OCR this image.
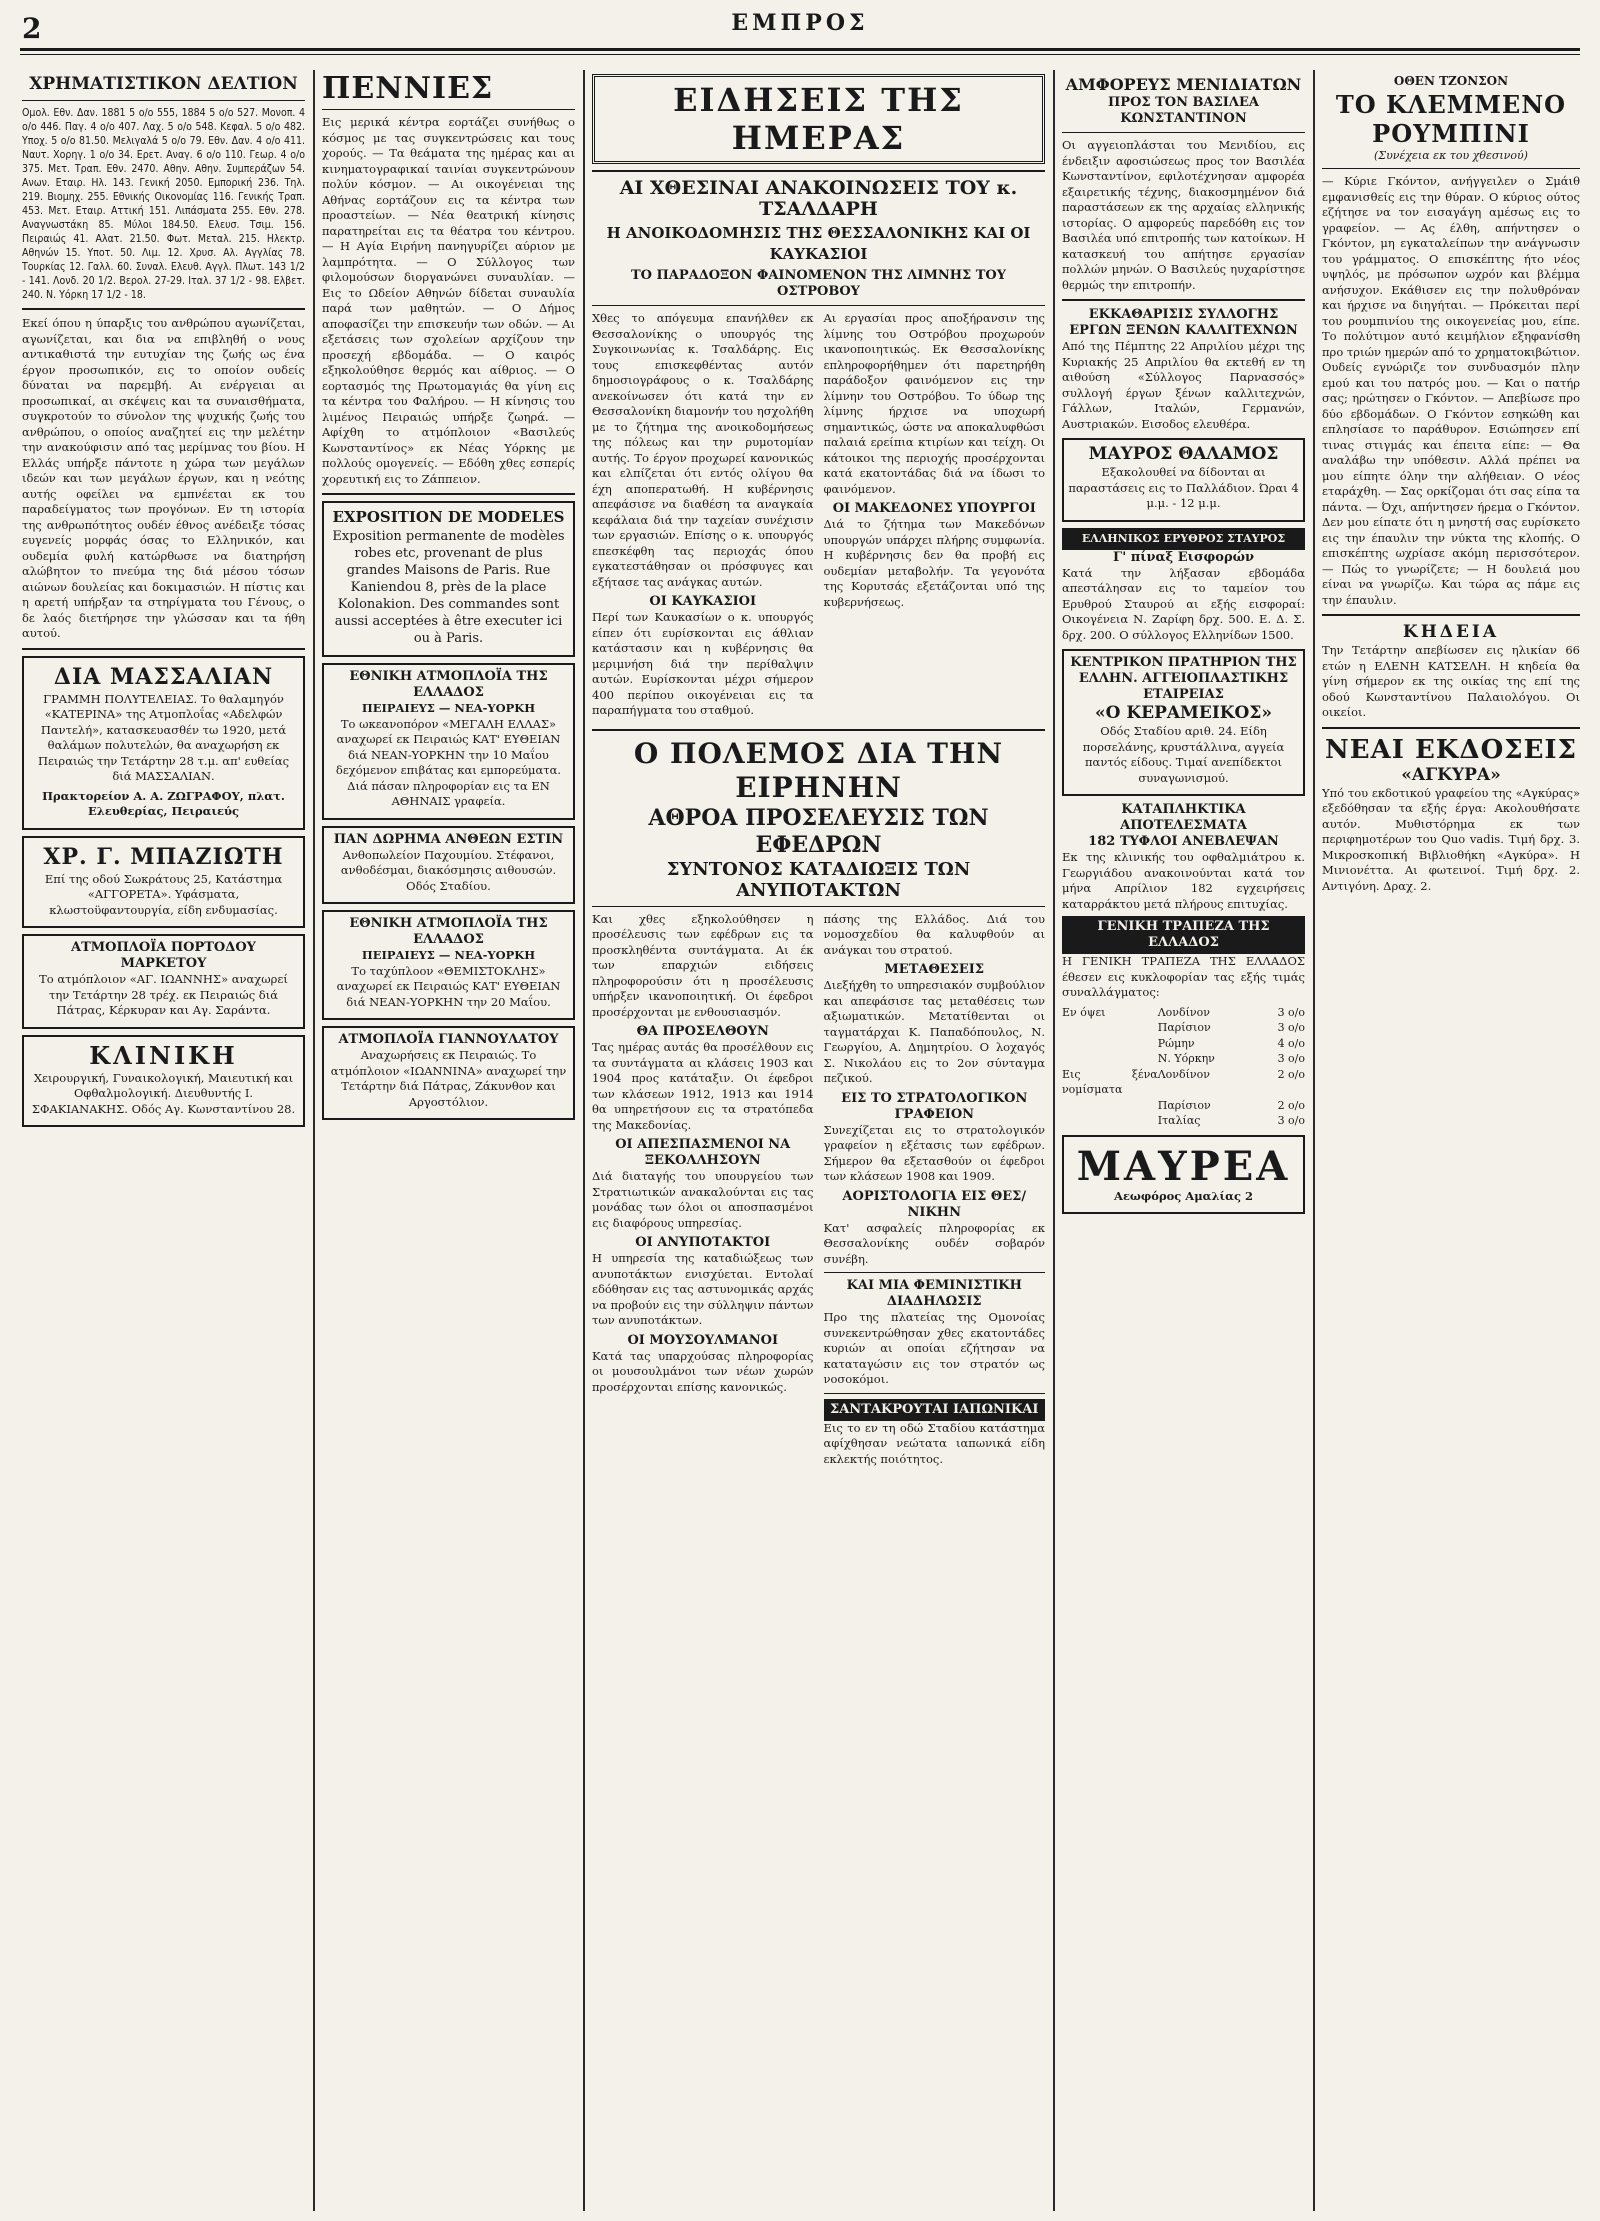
2	ΕΜΠΡΟΣ
ΧΡΗΜΑΤΙΣΤΙΚΟΝ ΔΕΛΤΙΟΝ

Ομολ. Εθν. Δαν. 1881 5 ο/ο 555, 1884 5 ο/ο 527. Μονοπ. 4 ο/ο 446. Παγ. 4 ο/ο 407. Λαχ. 5 ο/ο 548. Κεφαλ. 5 ο/ο 482. Υποχ. 5 ο/ο 81.50. Μελιγαλά 5 ο/ο 79. Εθν. Δαν. 4 ο/ο 411. Ναυτ. Χορηγ. 1 ο/ο 34. Ερετ. Αναγ. 6 ο/ο 110. Γεωρ. 4 ο/ο 375. Μετ. Τραπ. Εθν. 2470. Αθην. Αθην. Συμπεράζων 54. Ανων. Εταιρ. Ηλ. 143. Γενική 2050. Εμπορική 236. Τηλ. 219. Βιομηχ. 255. Εθνικής Οικονομίας 116. Γενικής Τραπ. 453. Μετ. Εταιρ. Αττική 151. Λιπάσματα 255. Εθν. 278. Αναγνωστάκη 85. Μύλοι 184.50. Ελευσ. Τσιμ. 156. Πειραιώς 41. Αλατ. 21.50. Φωτ. Μεταλ. 215. Ηλεκτρ. Αθηνών 15. Υποτ. 50. Λιμ. 12. Χρυσ. Αλ. Αγγλίας 78. Τουρκίας 12. Γαλλ. 60. Συναλ. Ελευθ. Αγγλ. Πλωτ. 143 1/2 - 141. Λονδ. 20 1/2. Βερολ. 27-29. Ιταλ. 37 1/2 - 98. Ελβετ. 240. Ν. Υόρκη 17 1/2 - 18.

Εκεί όπου η ύπαρξις του ανθρώπου αγωνίζεται, αγωνίζεται, και δια να επιβληθή ο νους αντικαθιστά την ευτυχίαν της ζωής ως ένα έργον προσωπικόν, εις το οποίον ουδείς δύναται να παρεμβή. Αι ενέργειαι αι προσωπικαί, αι σκέψεις και τα συναισθήματα, συγκροτούν το σύνολον της ψυχικής ζωής του ανθρώπου, ο οποίος αναζητεί εις την μελέτην την ανακούφισιν από τας μερίμνας του βίου. Η Ελλάς υπήρξε πάντοτε η χώρα των μεγάλων ιδεών και των μεγάλων έργων, και η νεότης αυτής οφείλει να εμπνέεται εκ του παραδείγματος των προγόνων. Εν τη ιστορία της ανθρωπότητος ουδέν έθνος ανέδειξε τόσας ευγενείς μορφάς όσας το Ελληνικόν, και ουδεμία φυλή κατώρθωσε να διατηρήση αλώβητον το πνεύμα της διά μέσου τόσων αιώνων δουλείας και δοκιμασιών. Η πίστις και η αρετή υπήρξαν τα στηρίγματα του Γένους, ο δε λαός διετήρησε την γλώσσαν και τα ήθη αυτού.

ΔΙΑ ΜΑΣΣΑΛΙΑΝ

ΓΡΑΜΜΗ ΠΟΛΥΤΕΛΕΙΑΣ. Το θαλαμηγόν «ΚΑΤΕΡΙΝΑ» της Ατμοπλοΐας «Αδελφών Παντελή», κατασκευασθέν τω 1920, μετά θαλάμων πολυτελών, θα αναχωρήση εκ Πειραιώς την Τετάρτην 28 τ.μ. απ' ευθείας διά ΜΑΣΣΑΛΙΑΝ.

Πρακτορείον Α. Α. ΖΩΓΡΑΦΟΥ, πλατ. Ελευθερίας, Πειραιεύς

ΧΡ. Γ. ΜΠΑΖΙΩΤΗ

Επί της οδού Σωκράτους 25, Κατάστημα «ΑΓΓΟΡΕΤΑ». Υφάσματα, κλωστοϋφαντουργία, είδη ενδυμασίας.

ΑΤΜΟΠΛΟΪΑ ΠΟΡΤΟΔΟΥ ΜΑΡΚΕΤΟΥ

Το ατμόπλοιον «ΑΓ. ΙΩΑΝΝΗΣ» αναχωρεί την Τετάρτην 28 τρέχ. εκ Πειραιώς διά Πάτρας, Κέρκυραν και Αγ. Σαράντα.

ΚΛΙΝΙΚΗ

Χειρουργική, Γυναικολογική, Μαιευτική και Οφθαλμολογική. Διευθυντής Ι. ΣΦΑΚΙΑΝΑΚΗΣ. Οδός Αγ. Κωνσταντίνου 28.

ΠΕΝΝΙΕΣ

Εις μερικά κέντρα εορτάζει συνήθως ο κόσμος με τας συγκεντρώσεις και τους χορούς. — Τα θεάματα της ημέρας και αι κινηματογραφικαί ταινίαι συγκεντρώνουν πολύν κόσμον. — Αι οικογένειαι της Αθήνας εορτάζουν εις τα κέντρα των προαστείων. — Νέα θεατρική κίνησις παρατηρείται εις τα θέατρα του κέντρου. — Η Αγία Ειρήνη πανηγυρίζει αύριον με λαμπρότητα. — Ο Σύλλογος των φιλομούσων διοργανώνει συναυλίαν. — Εις το Ωδείον Αθηνών δίδεται συναυλία παρά των μαθητών. — Ο Δήμος αποφασίζει την επισκευήν των οδών. — Αι εξετάσεις των σχολείων αρχίζουν την προσεχή εβδομάδα. — Ο καιρός εξηκολούθησε θερμός και αίθριος. — Ο εορτασμός της Πρωτομαγιάς θα γίνη εις τα κέντρα του Φαλήρου. — Η κίνησις του λιμένος Πειραιώς υπήρξε ζωηρά. — Αφίχθη το ατμόπλοιον «Βασιλεύς Κωνσταντίνος» εκ Νέας Υόρκης με πολλούς ομογενείς. — Εδόθη χθες εσπερίς χορευτική εις το Ζάππειον.

EXPOSITION DE MODELES

Exposition permanente de modèles robes etc, provenant de plus grandes Maisons de Paris. Rue Kaniendou 8, près de la place Kolonakion. Des commandes sont aussi acceptées à être executer ici ou à Paris.

ΕΘΝΙΚΗ ΑΤΜΟΠΛΟΪΑ ΤΗΣ ΕΛΛΑΔΟΣ
ΠΕΙΡΑΙΕΥΣ — ΝΕΑ-ΥΟΡΚΗ

Το ωκεανοπόρον «ΜΕΓΑΛΗ ΕΛΛΑΣ» αναχωρεί εκ Πειραιώς ΚΑΤ' ΕΥΘΕΙΑΝ διά ΝΕΑΝ-ΥΟΡΚΗΝ την 10 Μαΐου δεχόμενον επιβάτας και εμπορεύματα. Διά πάσαν πληροφορίαν εις τα ΕΝ ΑΘΗΝΑΙΣ γραφεία.

ΠΑΝ ΔΩΡΗΜΑ ΑΝΘΕΩΝ ΕΣΤΙΝ

Ανθοπωλείον Παχουμίου. Στέφανοι, ανθοδέσμαι, διακόσμησις αιθουσών. Οδός Σταδίου.

ΕΘΝΙΚΗ ΑΤΜΟΠΛΟΪΑ ΤΗΣ ΕΛΛΑΔΟΣ
ΠΕΙΡΑΙΕΥΣ — ΝΕΑ-ΥΟΡΚΗ

Το ταχύπλοον «ΘΕΜΙΣΤΟΚΛΗΣ» αναχωρεί εκ Πειραιώς ΚΑΤ' ΕΥΘΕΙΑΝ διά ΝΕΑΝ-ΥΟΡΚΗΝ την 20 Μαΐου.

ΑΤΜΟΠΛΟΪΑ ΓΙΑΝΝΟΥΛΑΤΟΥ

Αναχωρήσεις εκ Πειραιώς. Το ατμόπλοιον «ΙΩΑΝΝΙΝΑ» αναχωρεί την Τετάρτην διά Πάτρας, Ζάκυνθον και Αργοστόλιον.

ΕΙΔΗΣΕΙΣ ΤΗΣ ΗΜΕΡΑΣ
ΑΙ ΧΘΕΣΙΝΑΙ ΑΝΑΚΟΙΝΩΣΕΙΣ ΤΟΥ κ. ΤΣΑΛΔΑΡΗ
Η ΑΝΟΙΚΟΔΟΜΗΣΙΣ ΤΗΣ ΘΕΣΣΑΛΟΝΙΚΗΣ ΚΑΙ ΟΙ ΚΑΥΚΑΣΙΟΙ
ΤΟ ΠΑΡΑΔΟΞΟΝ ΦΑΙΝΟΜΕΝΟΝ ΤΗΣ ΛΙΜΝΗΣ ΤΟΥ ΟΣΤΡΟΒΟΥ

Χθες το απόγευμα επανήλθεν εκ Θεσσαλονίκης ο υπουργός της Συγκοινωνίας κ. Τσαλδάρης. Εις τους επισκεφθέντας αυτόν δημοσιογράφους ο κ. Τσαλδάρης ανεκοίνωσεν ότι κατά την εν Θεσσαλονίκη διαμονήν του ησχολήθη με το ζήτημα της ανοικοδομήσεως της πόλεως και την ρυμοτομίαν αυτής. Το έργον προχωρεί κανονικώς και ελπίζεται ότι εντός ολίγου θα έχη αποπερατωθή. Η κυβέρνησις απεφάσισε να διαθέση τα αναγκαία κεφάλαια διά την ταχείαν συνέχισιν των εργασιών. Επίσης ο κ. υπουργός επεσκέφθη τας περιοχάς όπου εγκατεστάθησαν οι πρόσφυγες και εξήτασε τας ανάγκας αυτών.

ΟΙ ΚΑΥΚΑΣΙΟΙ

Περί των Καυκασίων ο κ. υπουργός είπεν ότι ευρίσκονται εις άθλιαν κατάστασιν και η κυβέρνησις θα μεριμνήση διά την περίθαλψιν αυτών. Ευρίσκονται μέχρι σήμερον 400 περίπου οικογένειαι εις τα παραπήγματα του σταθμού.

Αι εργασίαι προς αποξήρανσιν της λίμνης του Οστρόβου προχωρούν ικανοποιητικώς. Εκ Θεσσαλονίκης επληροφορήθημεν ότι παρετηρήθη παράδοξον φαινόμενον εις την λίμνην του Οστρόβου. Το ύδωρ της λίμνης ήρχισε να υποχωρή σημαντικώς, ώστε να αποκαλυφθώσι παλαιά ερείπια κτιρίων και τείχη. Οι κάτοικοι της περιοχής προσέρχονται κατά εκατοντάδας διά να ίδωσι το φαινόμενον.

ΟΙ ΜΑΚΕΔΟΝΕΣ ΥΠΟΥΡΓΟΙ

Διά το ζήτημα των Μακεδόνων υπουργών υπάρχει πλήρης συμφωνία. Η κυβέρνησις δεν θα προβή εις ουδεμίαν μεταβολήν. Τα γεγονότα της Κορυτσάς εξετάζονται υπό της κυβερνήσεως.

Ο ΠΟΛΕΜΟΣ ΔΙΑ ΤΗΝ ΕΙΡΗΝΗΝ
ΑΘΡΟΑ ΠΡΟΣΕΛΕΥΣΙΣ ΤΩΝ ΕΦΕΔΡΩΝ
ΣΥΝΤΟΝΟΣ ΚΑΤΑΔΙΩΞΙΣ ΤΩΝ ΑΝΥΠΟΤΑΚΤΩΝ

Και χθες εξηκολούθησεν η προσέλευσις των εφέδρων εις τα προσκληθέντα συντάγματα. Αι έκ των επαρχιών ειδήσεις πληροφορούσιν ότι η προσέλευσις υπήρξεν ικανοποιητική. Οι έφεδροι προσέρχονται με ενθουσιασμόν.

ΘΑ ΠΡΟΣΕΛΘΟΥΝ

Τας ημέρας αυτάς θα προσέλθουν εις τα συντάγματα αι κλάσεις 1903 και 1904 προς κατάταξιν. Οι έφεδροι των κλάσεων 1912, 1913 και 1914 θα υπηρετήσουν εις τα στρατόπεδα της Μακεδονίας.

ΟΙ ΑΠΕΣΠΑΣΜΕΝΟΙ ΝΑ ΞΕΚΟΛΛΗΣΟΥΝ

Διά διαταγής του υπουργείου των Στρατιωτικών ανακαλούνται εις τας μονάδας των όλοι οι αποσπασμένοι εις διαφόρους υπηρεσίας.

ΟΙ ΑΝΥΠΟΤΑΚΤΟΙ

Η υπηρεσία της καταδιώξεως των ανυποτάκτων ενισχύεται. Εντολαί εδόθησαν εις τας αστυνομικάς αρχάς να προβούν εις την σύλληψιν πάντων των ανυποτάκτων.

ΟΙ ΜΟΥΣΟΥΛΜΑΝΟΙ

Κατά τας υπαρχούσας πληροφορίας οι μουσουλμάνοι των νέων χωρών προσέρχονται επίσης κανονικώς.

πάσης της Ελλάδος. Διά του νομοσχεδίου θα καλυφθούν αι ανάγκαι του στρατού.

ΜΕΤΑΘΕΣΕΙΣ

Διεξήχθη το υπηρεσιακόν συμβούλιον και απεφάσισε τας μεταθέσεις των αξιωματικών. Μετατίθενται οι ταγματάρχαι Κ. Παπαδόπουλος, Ν. Γεωργίου, Α. Δημητρίου. Ο λοχαγός Σ. Νικολάου εις το 2ον σύνταγμα πεζικού.

ΕΙΣ ΤΟ ΣΤΡΑΤΟΛΟΓΙΚΟΝ ΓΡΑΦΕΙΟΝ

Συνεχίζεται εις το στρατολογικόν γραφείον η εξέτασις των εφέδρων. Σήμερον θα εξετασθούν οι έφεδροι των κλάσεων 1908 και 1909.

ΑΟΡΙΣΤΟΛΟΓΙΑ ΕΙΣ ΘΕΣ/ΝΙΚΗΝ

Κατ' ασφαλείς πληροφορίας εκ Θεσσαλονίκης ουδέν σοβαρόν συνέβη.

ΚΑΙ ΜΙΑ ΦΕΜΙΝΙΣΤΙΚΗ ΔΙΑΔΗΛΩΣΙΣ

Προ της πλατείας της Ομονοίας συνεκεντρώθησαν χθες εκατοντάδες κυριών αι οποίαι εζήτησαν να καταταγώσιν εις τον στρατόν ως νοσοκόμοι.

ΣΑΝΤΑΚΡΟΥΤΑΙ ΙΑΠΩΝΙΚΑΙ

Εις το εν τη οδώ Σταδίου κατάστημα αφίχθησαν νεώτατα ιαπωνικά είδη εκλεκτής ποιότητος.

ΑΜΦΟΡΕΥΣ ΜΕΝΙΔΙΑΤΩΝ
ΠΡΟΣ ΤΟΝ ΒΑΣΙΛΕΑ ΚΩΝΣΤΑΝΤΙΝΟΝ

Οι αγγειοπλάσται του Μενιδίου, εις ένδειξιν αφοσιώσεως προς τον Βασιλέα Κωνσταντίνον, εφιλοτέχνησαν αμφορέα εξαιρετικής τέχνης, διακοσμημένον διά παραστάσεων εκ της αρχαίας ελληνικής ιστορίας. Ο αμφορεύς παρεδόθη εις τον Βασιλέα υπό επιτροπής των κατοίκων. Η κατασκευή του απήτησε εργασίαν πολλών μηνών. Ο Βασιλεύς ηυχαρίστησε θερμώς την επιτροπήν.

ΕΚΚΑΘΑΡΙΣΙΣ ΣΥΛΛΟΓΗΣ ΕΡΓΩΝ ΞΕΝΩΝ ΚΑΛΛΙΤΕΧΝΩΝ

Από της Πέμπτης 22 Απριλίου μέχρι της Κυριακής 25 Απριλίου θα εκτεθή εν τη αιθούση «Σύλλογος Παρνασσός» συλλογή έργων ξένων καλλιτεχνών, Γάλλων, Ιταλών, Γερμανών, Αυστριακών. Εισοδος ελευθέρα.

ΜΑΥΡΟΣ ΘΑΛΑΜΟΣ

Εξακολουθεί να δίδονται αι παραστάσεις εις το Παλλάδιον. Ώραι 4 μ.μ. - 12 μ.μ.

ΕΛΛΗΝΙΚΟΣ ΕΡΥΘΡΟΣ ΣΤΑΥΡΟΣ
Γ' πίναξ Εισφορών

Κατά την λήξασαν εβδομάδα απεστάλησαν εις το ταμείον του Ερυθρού Σταυρού αι εξής εισφοραί: Οικογένεια Ν. Ζαρίφη δρχ. 500. Ε. Δ. Σ. δρχ. 200. Ο σύλλογος Ελληνίδων 1500.

ΚΕΝΤΡΙΚΟΝ ΠΡΑΤΗΡΙΟΝ ΤΗΣ ΕΛΛΗΝ. ΑΓΓΕΙΟΠΛΑΣΤΙΚΗΣ ΕΤΑΙΡΕΙΑΣ
«Ο ΚΕΡΑΜΕΙΚΟΣ»

Οδός Σταδίου αριθ. 24. Είδη πορσελάνης, κρυστάλλινα, αγγεία παντός είδους. Τιμαί ανεπίδεκτοι συναγωνισμού.

ΚΑΤΑΠΛΗΚΤΙΚΑ ΑΠΟΤΕΛΕΣΜΑΤΑ
182 ΤΥΦΛΟΙ ΑΝΕΒΛΕΨΑΝ

Εκ της κλινικής του οφθαλμιάτρου κ. Γεωργιάδου ανακοινούνται κατά τον μήνα Απρίλιον 182 εγχειρήσεις καταρράκτου μετά πλήρους επιτυχίας.

ΓΕΝΙΚΗ ΤΡΑΠΕΖΑ ΤΗΣ ΕΛΛΑΔΟΣ

Η ΓΕΝΙΚΗ ΤΡΑΠΕΖΑ ΤΗΣ ΕΛΛΑΔΟΣ έθεσεν εις κυκλοφορίαν τας εξής τιμάς συναλλάγματος:

Εν όψει	Λονδίνον	3 ο/ο
Παρίσιον	3 ο/ο
Ρώμην	4 ο/ο
Ν. Υόρκην	3 ο/ο
Εις ξένα νομίσματα
Λονδίνον	2 ο/ο
Παρίσιον	2 ο/ο
Ιταλίας	3 ο/ο
ΜΑΥΡΕΑ
Αεωφόρος Αμαλίας 2
ΟΘΕΝ ΤΖΟΝΣΟΝ
ΤΟ ΚΛΕΜΜΕΝΟ ΡΟΥΜΠΙΝΙ
(Συνέχεια εκ του χθεσινού)

— Κύριε Γκόντον, ανήγγειλεν ο Σμάιθ εμφανισθείς εις την θύραν. Ο κύριος ούτος εζήτησε να τον εισαγάγη αμέσως εις το γραφείον. — Ας έλθη, απήντησεν ο Γκόντον, μη εγκαταλείπων την ανάγνωσιν του γράμματος. Ο επισκέπτης ήτο νέος υψηλός, με πρόσωπον ωχρόν και βλέμμα ανήσυχον. Εκάθισεν εις την πολυθρόναν και ήρχισε να διηγήται. — Πρόκειται περί του ρουμπινίου της οικογενείας μου, είπε. Το πολύτιμον αυτό κειμήλιον εξηφανίσθη προ τριών ημερών από το χρηματοκιβώτιον. Ουδείς εγνώριζε τον συνδυασμόν πλην εμού και του πατρός μου. — Και ο πατήρ σας; ηρώτησεν ο Γκόντον. — Απεβίωσε προ δύο εβδομάδων. Ο Γκόντον εσηκώθη και επλησίασε το παράθυρον. Εσιώπησεν επί τινας στιγμάς και έπειτα είπε: — Θα αναλάβω την υπόθεσιν. Αλλά πρέπει να μου είπητε όλην την αλήθειαν. Ο νέος εταράχθη. — Σας ορκίζομαι ότι σας είπα τα πάντα. — Όχι, απήντησεν ήρεμα ο Γκόντον. Δεν μου είπατε ότι η μνηστή σας ευρίσκετο εις την έπαυλιν την νύκτα της κλοπής. Ο επισκέπτης ωχρίασε ακόμη περισσότερον. — Πώς το γνωρίζετε; — Η δουλειά μου είναι να γνωρίζω. Και τώρα ας πάμε εις την έπαυλιν.

ΚΗΔΕΙΑ

Την Τετάρτην απεβίωσεν εις ηλικίαν 66 ετών η ΕΛΕΝΗ ΚΑΤΣΕΛΗ. Η κηδεία θα γίνη σήμερον εκ της οικίας της επί της οδού Κωνσταντίνου Παλαιολόγου. Οι οικείοι.

ΝΕΑΙ ΕΚΔΟΣΕΙΣ
«ΑΓΚΥΡΑ»

Υπό του εκδοτικού γραφείου της «Αγκύρας» εξεδόθησαν τα εξής έργα: Ακολουθήσατε αυτόν. Μυθιστόρημα εκ των περιφημοτέρων του Quo vadis. Τιμή δρχ. 3. Μικροσκοπική Βιβλιοθήκη «Αγκύρα». Η Μινιονέττα. Αι φωτεινοί. Τιμή δρχ. 2. Αντιγόνη. Δραχ. 2.
